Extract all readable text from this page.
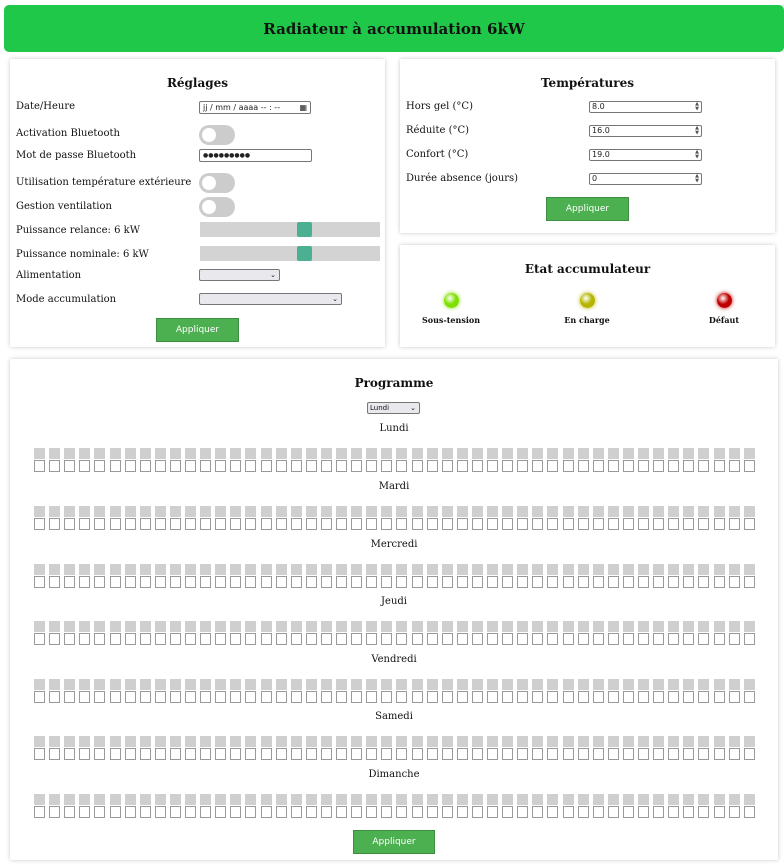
Radiateur à accumulation 6kW
Réglages
Date/Heure	jj / mm / aaaa -- : -- ▦
Activation Bluetooth
Mot de passe Bluetooth	●●●●●●●●●
Utilisation température extérieure
Gestion ventilation
Puissance relance: 6 kW
Puissance nominale: 6 kW
Alimentation	⌄
Mode accumulation	⌄
Appliquer
Températures
Hors gel (°C)	8.0	▲
▼
Réduite (°C)	16.0	▲
▼
Confort (°C)	19.0	▲
▼
Durée absence (jours)	0	▲
▼
Appliquer
Etat accumulateur
Sous-tension	En charge	Défaut
Programme
Lundi	⌄
Lundi
Mardi
Mercredi
Jeudi
Vendredi
Samedi
Dimanche
Appliquer
